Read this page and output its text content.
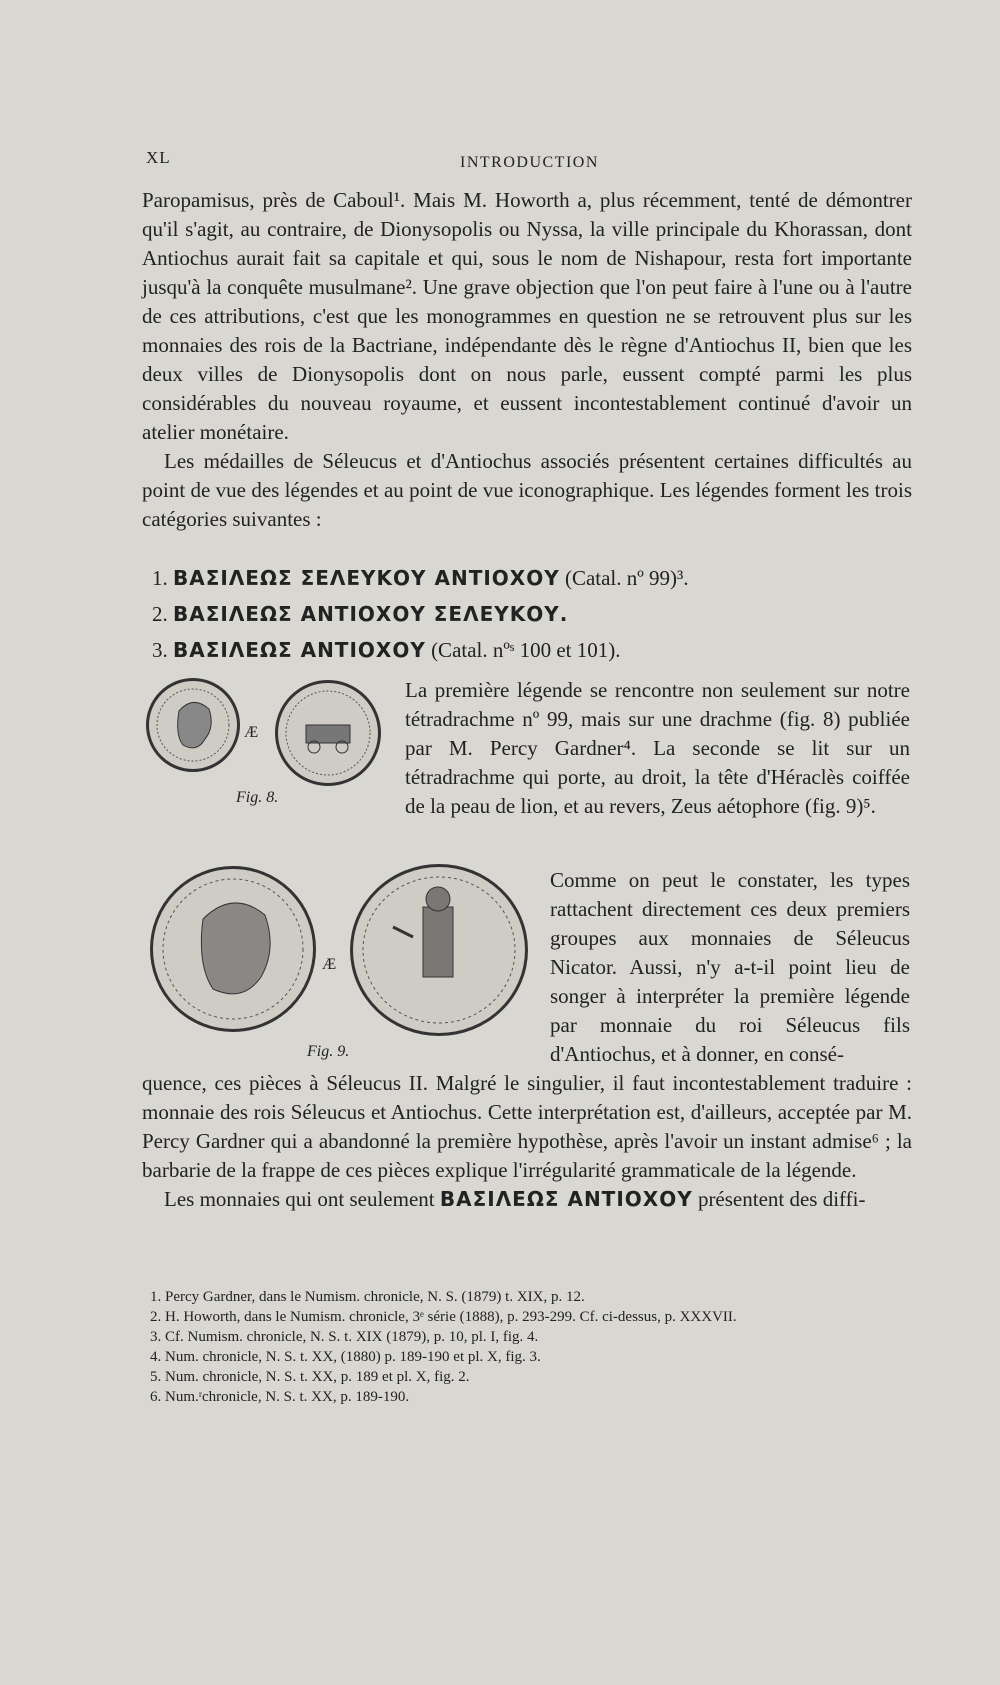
XL	INTRODUCTION

Paropamisus, près de Caboul¹. Mais M. Howorth a, plus récemment, tenté de démontrer qu'il s'agit, au contraire, de Dionysopolis ou Nyssa, la ville principale du Khorassan, dont Antiochus aurait fait sa capitale et qui, sous le nom de Nishapour, resta fort importante jusqu'à la conquête musulmane². Une grave objection que l'on peut faire à l'une ou à l'autre de ces attributions, c'est que les monogrammes en question ne se retrouvent plus sur les monnaies des rois de la Bactriane, indépendante dès le règne d'Antiochus II, bien que les deux villes de Dionysopolis dont on nous parle, eussent compté parmi les plus considérables du nouveau royaume, et eussent incontestablement continué d'avoir un atelier monétaire.

Les médailles de Séleucus et d'Antiochus associés présentent certaines difficultés au point de vue des légendes et au point de vue iconographique. Les légendes forment les trois catégories suivantes :

1. ΒΑΣΙΛΕΩΣ ΣΕΛΕΥΚΟΥ ΑΝΤΙΟΧΟΥ (Catal. nº 99)³.
2. ΒΑΣΙΛΕΩΣ ΑΝΤΙΟΧΟΥ ΣΕΛΕΥΚΟΥ.
3. ΒΑΣΙΛΕΩΣ ΑΝΤΙΟΧΟΥ (Catal. nºˢ 100 et 101).
Æ
Fig. 8.
La première légende se rencontre non seulement sur notre tétradrachme nº 99, mais sur une drachme (fig. 8) publiée par M. Percy Gardner⁴. La seconde se lit sur un tétradrachme qui porte, au droit, la tête d'Héraclès coiffée de la peau de lion, et au revers, Zeus aétophore (fig. 9)⁵.
Æ
Fig. 9.
Comme on peut le constater, les types rattachent directement ces deux premiers groupes aux monnaies de Séleucus Nicator. Aussi, n'y a-t-il point lieu de songer à interpréter la première légende par monnaie du roi Séleucus fils d'Antiochus, et à donner, en consé-

quence, ces pièces à Séleucus II. Malgré le singulier, il faut incontestablement traduire : monnaie des rois Séleucus et Antiochus. Cette interprétation est, d'ailleurs, acceptée par M. Percy Gardner qui a abandonné la première hypothèse, après l'avoir un instant admise⁶ ; la barbarie de la frappe de ces pièces explique l'irrégularité grammaticale de la légende.

Les monnaies qui ont seulement ΒΑΣΙΛΕΩΣ ΑΝΤΙΟΧΟΥ présentent des diffi-

1. Percy Gardner, dans le Numism. chronicle, N. S. (1879) t. XIX, p. 12.
2. H. Howorth, dans le Numism. chronicle, 3ᵉ série (1888), p. 293-299. Cf. ci-dessus, p. XXXVII.
3. Cf. Numism. chronicle, N. S. t. XIX (1879), p. 10, pl. I, fig. 4.
4. Num. chronicle, N. S. t. XX, (1880) p. 189-190 et pl. X, fig. 3.
5. Num. chronicle, N. S. t. XX, p. 189 et pl. X, fig. 2.
6. Num.ʳchronicle, N. S. t. XX, p. 189-190.
